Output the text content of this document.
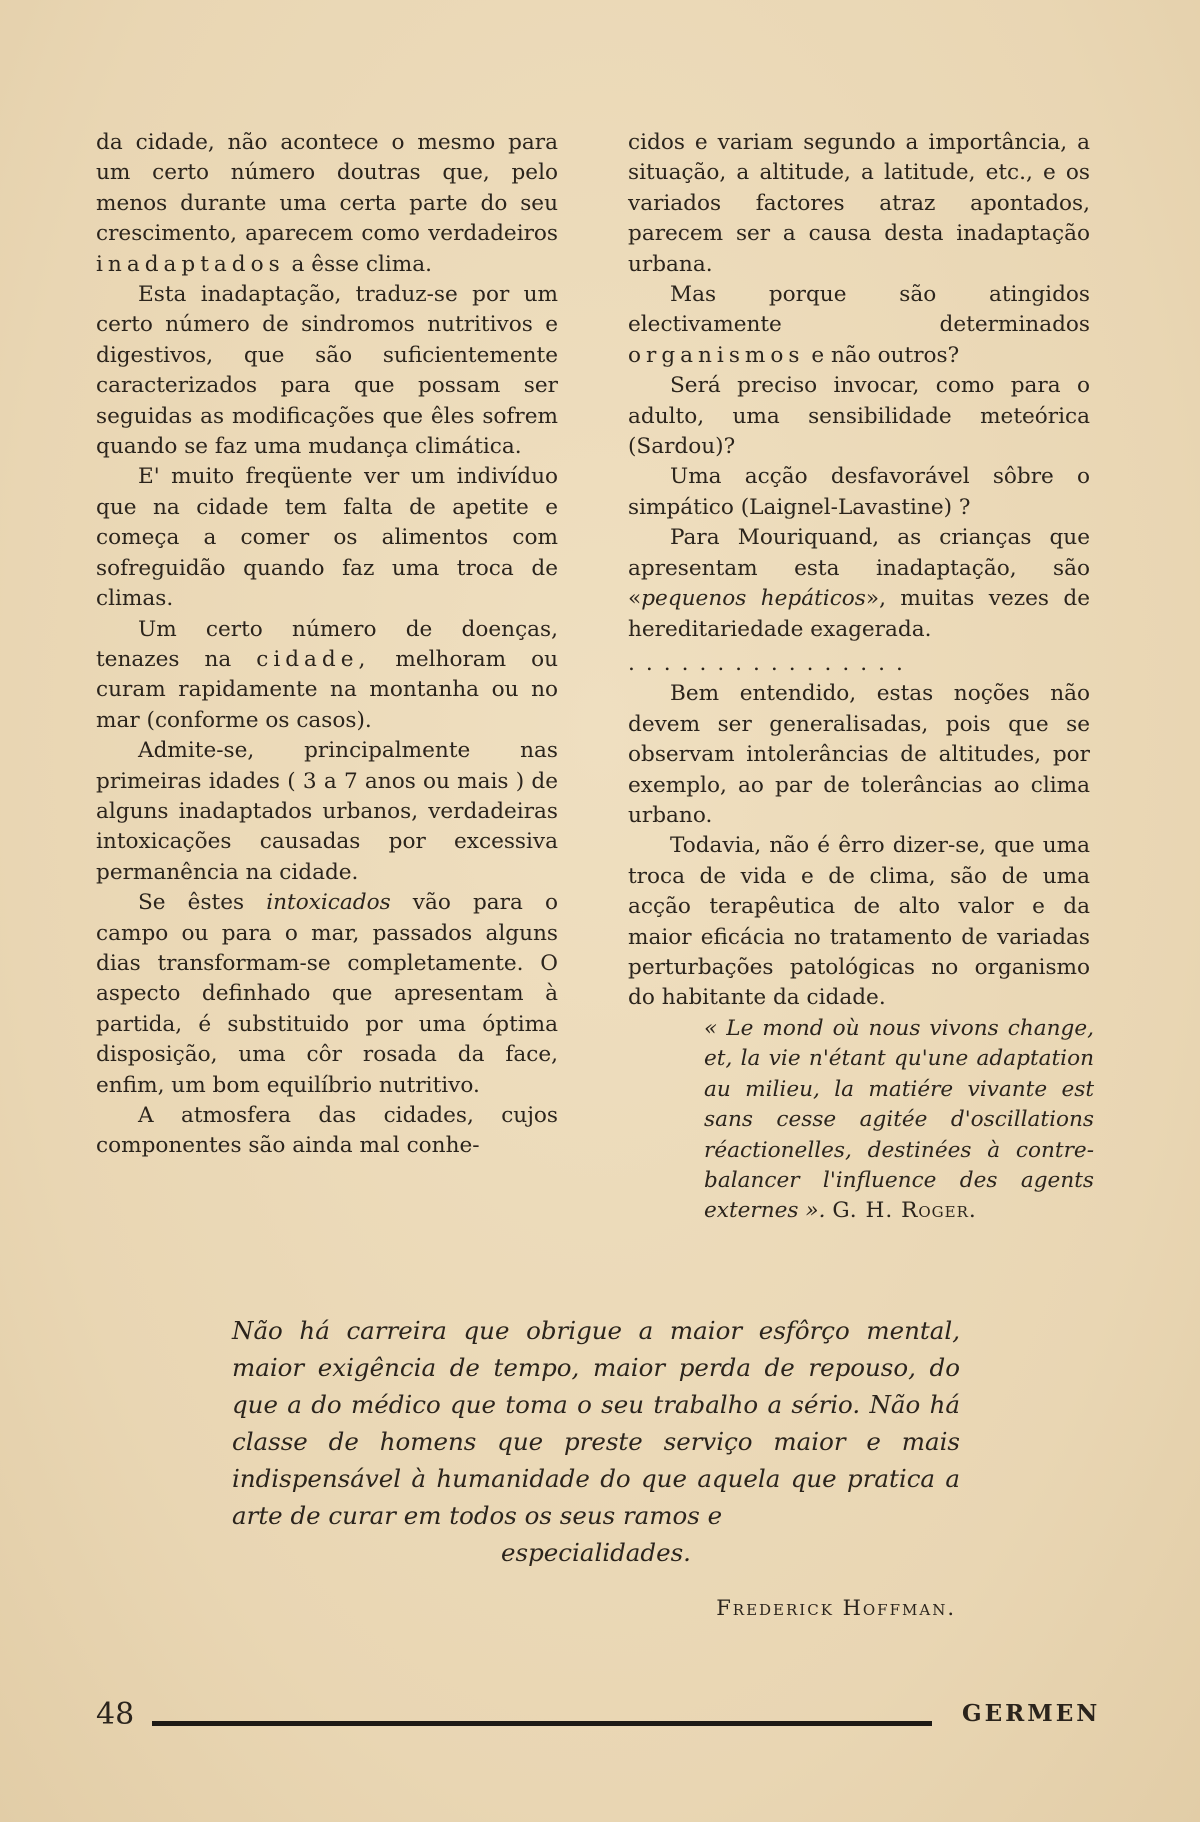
da cidade, não acontece o mesmo para um certo número doutras que, pelo menos durante uma certa parte do seu crescimento, aparecem como verdadeiros inadaptados a êsse clima.

Esta inadaptação, traduz-se por um certo número de sindromos nutritivos e digestivos, que são suficientemente caracterizados para que possam ser seguidas as modificações que êles sofrem quando se faz uma mudança climática.

E' muito freqüente ver um indivíduo que na cidade tem falta de apetite e começa a comer os alimentos com sofreguidão quando faz uma troca de climas.

Um certo número de doenças, tenazes na cidade, melhoram ou curam rapidamente na montanha ou no mar (conforme os casos).

Admite-se, principalmente nas primeiras idades ( 3 a 7 anos ou mais ) de alguns inadaptados urbanos, verdadeiras intoxicações causadas por excessiva permanência na cidade.

Se êstes intoxicados vão para o campo ou para o mar, passados alguns dias transformam-se completamente. O aspecto definhado que apresentam à partida, é substituido por uma óptima disposição, uma côr rosada da face, enfim, um bom equilíbrio nutritivo.

A atmosfera das cidades, cujos componentes são ainda mal conhe-

cidos e variam segundo a importância, a situação, a altitude, a latitude, etc., e os variados factores atraz apontados, parecem ser a causa desta inadaptação urbana.

Mas porque são atingidos electivamente determinados organismos e não outros?

Será preciso invocar, como para o adulto, uma sensibilidade meteórica (Sardou)?

Uma acção desfavorável sôbre o simpático (Laignel-Lavastine) ?

Para Mouriquand, as crianças que apresentam esta inadaptação, são «pequenos hepáticos», muitas vezes de hereditariedade exagerada.

................

Bem entendido, estas noções não devem ser generalisadas, pois que se observam intolerâncias de altitudes, por exemplo, ao par de tolerâncias ao clima urbano.

Todavia, não é êrro dizer-se, que uma troca de vida e de clima, são de uma acção terapêutica de alto valor e da maior eficácia no tratamento de variadas perturbações patológicas no organismo do habitante da cidade.

« Le mond où nous vivons change, et, la vie n'étant qu'une adaptation au milieu, la matiére vivante est sans cesse agitée d'oscillations réactionelles, destinées à contre-balancer l'influence des agents externes ». G. H. Roger.
Não há carreira que obrigue a maior esfôrço mental, maior exigência de tempo, maior perda de repouso, do que a do médico que toma o seu trabalho a sério. Não há classe de homens que preste serviço maior e mais indispensável à humanidade do que aquela que pratica a arte de curar em todos os seus ramos e
especialidades.
Frederick Hoffman.
48	GERMEN
